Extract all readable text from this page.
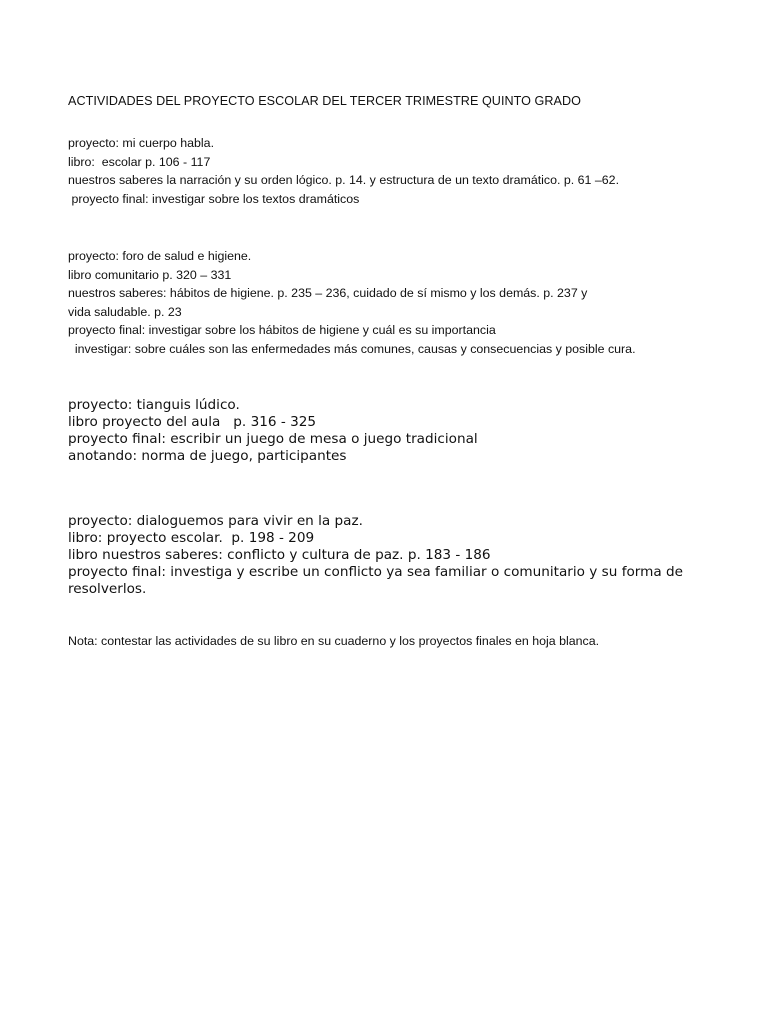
ACTIVIDADES DEL PROYECTO ESCOLAR DEL TERCER TRIMESTRE QUINTO GRADO

proyecto: mi cuerpo habla.

libro:  escolar p. 106 - 117

nuestros saberes la narración y su orden lógico. p. 14. y estructura de un texto dramático. p. 61 –62.

proyecto final: investigar sobre los textos dramáticos

proyecto: foro de salud e higiene.

libro comunitario p. 320 – 331

nuestros saberes: hábitos de higiene. p. 235 – 236, cuidado de sí mismo y los demás. p. 237 y

vida saludable. p. 23

proyecto final: investigar sobre los hábitos de higiene y cuál es su importancia

investigar: sobre cuáles son las enfermedades más comunes, causas y consecuencias y posible cura.

proyecto: tianguis lúdico.

libro proyecto del aula   p. 316 - 325

proyecto final: escribir un juego de mesa o juego tradicional

anotando: norma de juego, participantes

proyecto: dialoguemos para vivir en la paz.

libro: proyecto escolar.  p. 198 - 209

libro nuestros saberes: conflicto y cultura de paz. p. 183 - 186

proyecto final: investiga y escribe un conflicto ya sea familiar o comunitario y su forma de resolverlos.

Nota: contestar las actividades de su libro en su cuaderno y los proyectos finales en hoja blanca.
